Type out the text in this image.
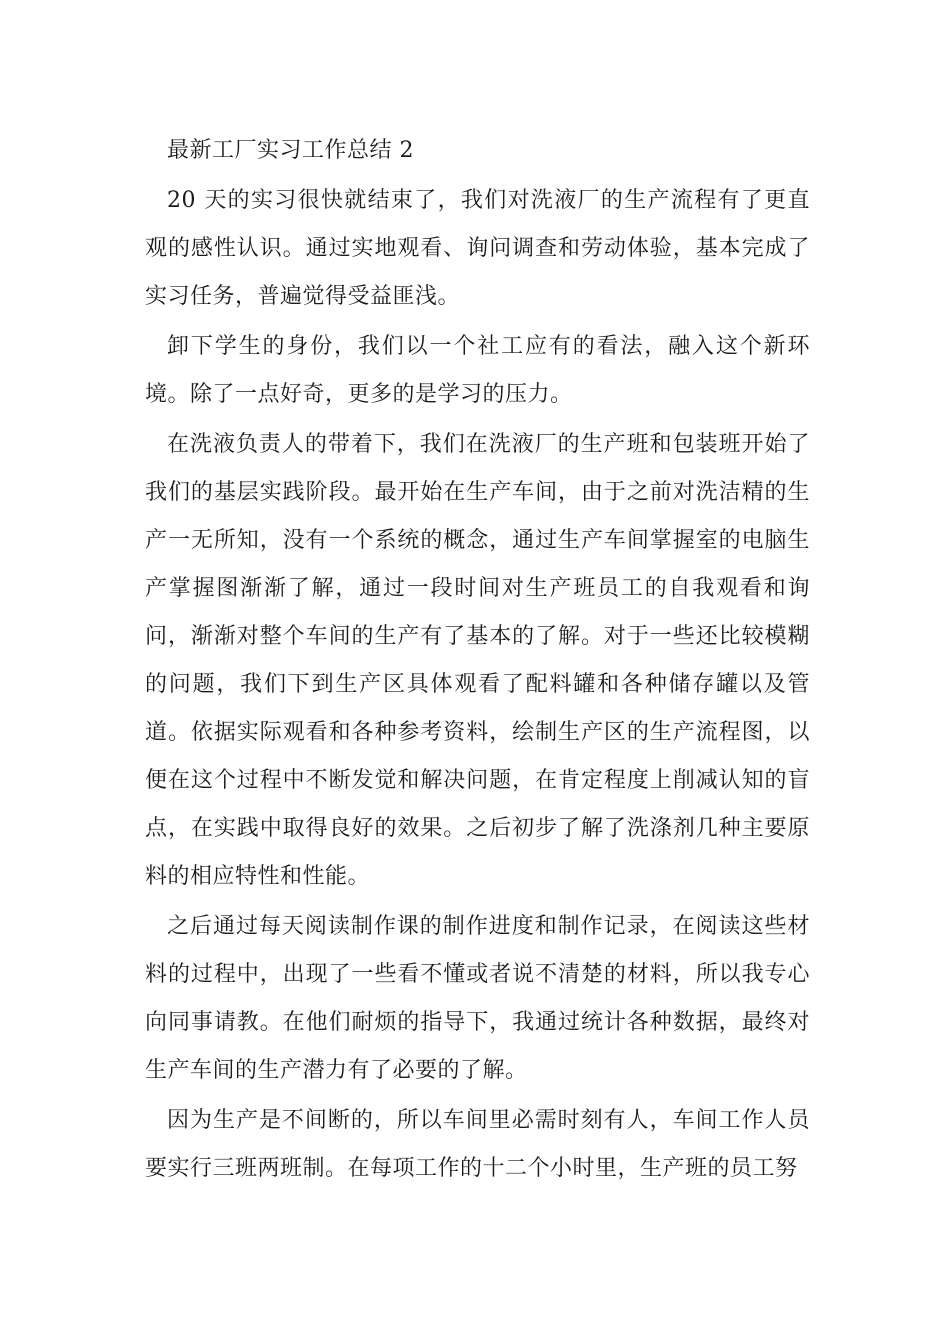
最新工厂实习工作总结 2

20 天的实习很快就结束了，我们对洗液厂的生产流程有了更直观的感性认识。通过实地观看、询问调查和劳动体验，基本完成了实习任务，普遍觉得受益匪浅。

卸下学生的身份，我们以一个社工应有的看法，融入这个新环境。除了一点好奇，更多的是学习的压力。

在洗液负责人的带着下，我们在洗液厂的生产班和包装班开始了我们的基层实践阶段。最开始在生产车间，由于之前对洗洁精的生产一无所知，没有一个系统的概念，通过生产车间掌握室的电脑生产掌握图渐渐了解，通过一段时间对生产班员工的自我观看和询问，渐渐对整个车间的生产有了基本的了解。对于一些还比较模糊的问题，我们下到生产区具体观看了配料罐和各种储存罐以及管道。依据实际观看和各种参考资料，绘制生产区的生产流程图，以便在这个过程中不断发觉和解决问题，在肯定程度上削减认知的盲点，在实践中取得良好的效果。之后初步了解了洗涤剂几种主要原料的相应特性和性能。

之后通过每天阅读制作课的制作进度和制作记录，在阅读这些材料的过程中，出现了一些看不懂或者说不清楚的材料，所以我专心向同事请教。在他们耐烦的指导下，我通过统计各种数据，最终对生产车间的生产潜力有了必要的了解。

因为生产是不间断的，所以车间里必需时刻有人，车间工作人员要实行三班两班制。在每项工作的十二个小时里，生产班的员工努
